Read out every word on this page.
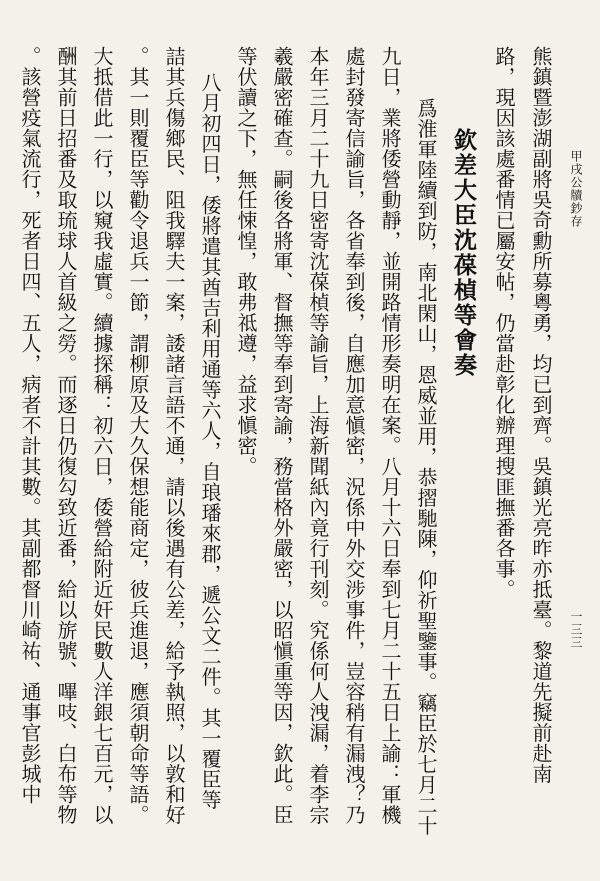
熊鎮暨澎湖副將吳奇勳所募粵勇，均已到齊。吳鎮光亮昨亦抵臺。黎道先擬前赴南
路，現因該處番情已屬安帖，仍當赴彰化辦理搜匪撫番各事。
欽差大臣沈葆楨等會奏
爲淮軍陸續到防，南北閑山，恩威並用，恭摺馳陳，仰祈聖鑒事。竊臣於七月二十
九日，業將倭營動靜，並開路情形奏明在案。八月十六日奉到七月二十五日上諭：軍機
處封發寄信諭旨，各省奉到後，自應加意愼密，況係中外交涉事件，豈容稍有漏洩？乃
本年三月二十九日密寄沈葆楨等諭旨，上海新聞紙內竟行刊刻。究係何人洩漏，着李宗
羲嚴密確查。嗣後各將軍、督撫等奉到寄諭，務當格外嚴密，以昭愼重等因，欽此。臣
等伏讀之下，無任悚惶，敢弗祗遵，益求愼密。
八月初四日，倭將遣其酋吉利用通等六人，自琅璠來郡，遞公文二件。其一覆臣等
詰其兵傷鄉民、阻我驛夫一案，諉諸言語不通，請以後遇有公差，給予執照，以敦和好
。其一則覆臣等勸令退兵一節，謂柳原及大久保想能商定，彼兵進退，應須朝命等語。
大抵借此一行，以窺我虛實。續據探稱：初六日，倭營給附近奸民數人洋銀七百元，以
酬其前日招番及取琉球人首級之勞。而逐日仍復勾致近番，給以旂號、嗶吱、白布等物
。該營疫氣流行，死者日四、五人，病者不計其數。其副都督川崎祐、通事官彭城中	甲戌公牘鈔存
一三三
